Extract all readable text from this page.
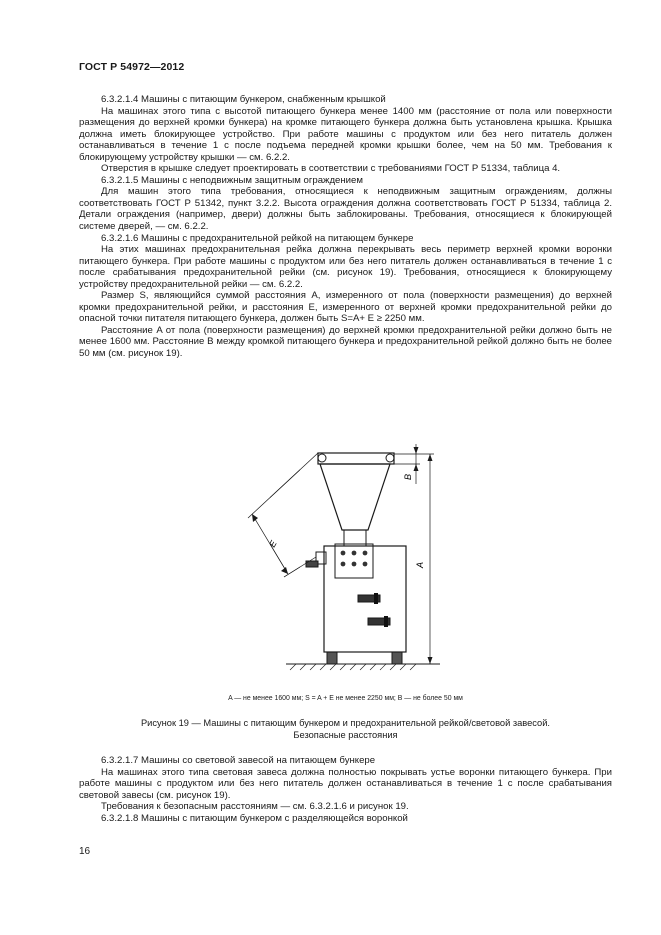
ГОСТ Р 54972—2012

6.3.2.1.4 Машины с питающим бункером, снабженным крышкой

На машинах этого типа с высотой питающего бункера менее 1400 мм (расстояние от пола или поверхности размещения до верхней кромки бункера) на кромке питающего бункера должна быть установлена крышка. Крышка должна иметь блокирующее устройство. При работе машины с продуктом или без него питатель должен останавливаться в течение 1 с после подъема передней кромки крышки более, чем на 50 мм. Требования к блокирующему устройству крышки — см. 6.2.2.

Отверстия в крышке следует проектировать в соответствии с требованиями ГОСТ Р 51334, таблица 4.

6.3.2.1.5 Машины с неподвижным защитным ограждением

Для машин этого типа требования, относящиеся к неподвижным защитным ограждениям, должны соответствовать ГОСТ Р 51342, пункт 3.2.2. Высота ограждения должна соответствовать ГОСТ Р 51334, таблица 2. Детали ограждения (например, двери) должны быть заблокированы. Требования, относящиеся к блокирующей системе дверей, — см. 6.2.2.

6.3.2.1.6 Машины с предохранительной рейкой на питающем бункере

На этих машинах предохранительная рейка должна перекрывать весь периметр верхней кромки воронки питающего бункера. При работе машины с продуктом или без него питатель должен останавливаться в течение 1 с после срабатывания предохранительной рейки (см. рисунок 19). Требования, относящиеся к блокирующему устройству предохранительной рейки — см. 6.2.2.

Размер S, являющийся суммой расстояния A, измеренного от пола (поверхности размещения) до верхней кромки предохранительной рейки, и расстояния E, измеренного от верхней кромки предохранительной рейки до опасной точки питателя питающего бункера, должен быть S=A+ E ≥ 2250 мм.

Расстояние A от пола (поверхности размещения) до верхней кромки предохранительной рейки должно быть не менее 1600 мм. Расстояние B между кромкой питающего бункера и предохранительной рейкой должно быть не более 50 мм (см. рисунок 19).

A
B
E
A — не менее 1600 мм; S = A + E не менее 2250 мм; B — не более 50 мм
Рисунок 19 — Машины с питающим бункером и предохранительной рейкой/световой завесой.
Безопасные расстояния

6.3.2.1.7 Машины со световой завесой на питающем бункере

На машинах этого типа световая завеса должна полностью покрывать устье воронки питающего бункера. При работе машины с продуктом или без него питатель должен останавливаться в течение 1 с после срабатывания световой завесы (см. рисунок 19).

Требования к безопасным расстояниям — см. 6.3.2.1.6 и рисунок 19.

6.3.2.1.8 Машины с питающим бункером с разделяющейся воронкой

16
